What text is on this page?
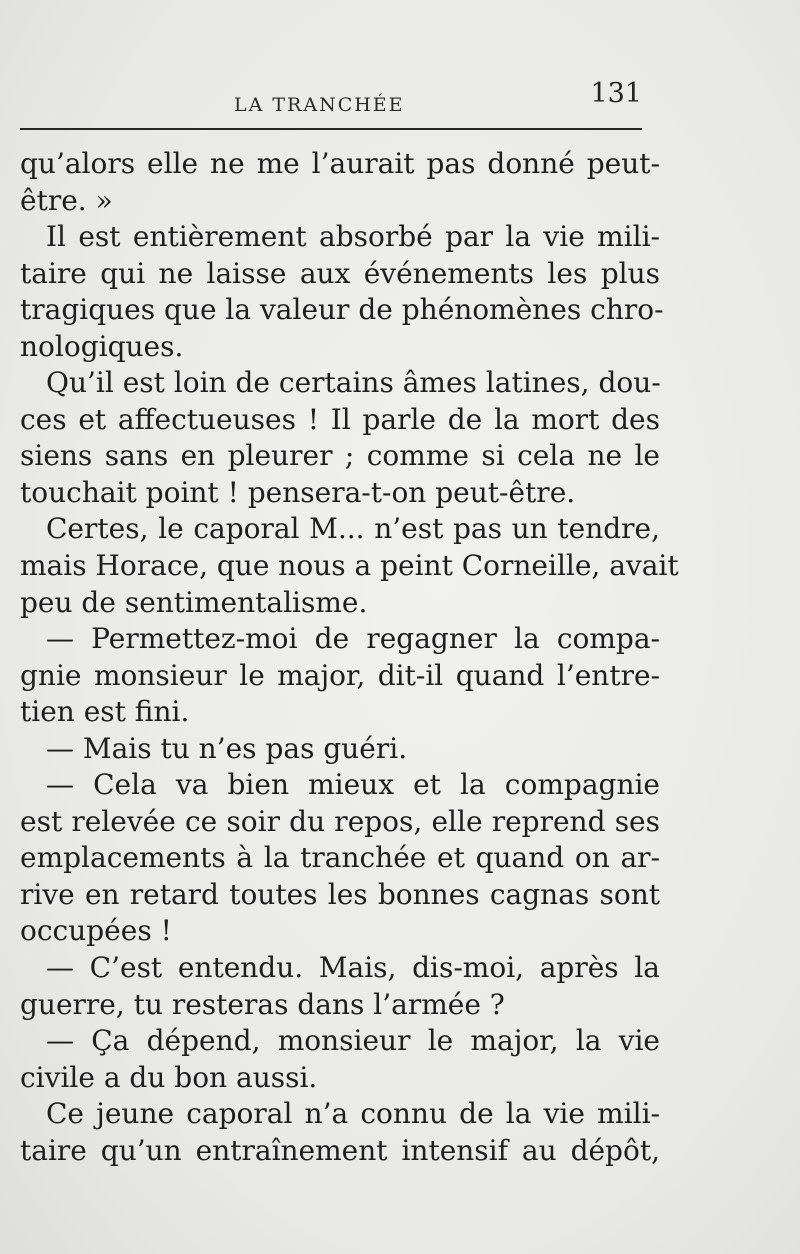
LA TRANCHÉE	131
qu’alors elle ne me l’aurait pas donné peut-
être. »
Il est entièrement absorbé par la vie mili-
taire qui ne laisse aux événements les plus
tragiques que la valeur de phénomènes chro-
nologiques.
Qu’il est loin de certains âmes latines, dou-
ces et affectueuses ! Il parle de la mort des
siens sans en pleurer ; comme si cela ne le
touchait point ! pensera-t-on peut-être.
Certes, le caporal M... n’est pas un tendre,
mais Horace, que nous a peint Corneille, avait
peu de sentimentalisme.
— Permettez-moi de regagner la compa-
gnie monsieur le major, dit-il quand l’entre-
tien est fini.
— Mais tu n’es pas guéri.
— Cela va bien mieux et la compagnie
est relevée ce soir du repos, elle reprend ses
emplacements à la tranchée et quand on ar-
rive en retard toutes les bonnes cagnas sont
occupées !
— C’est entendu. Mais, dis-moi, après la
guerre, tu resteras dans l’armée ?
— Ça dépend, monsieur le major, la vie
civile a du bon aussi.
Ce jeune caporal n’a connu de la vie mili-
taire qu’un entraînement intensif au dépôt,
